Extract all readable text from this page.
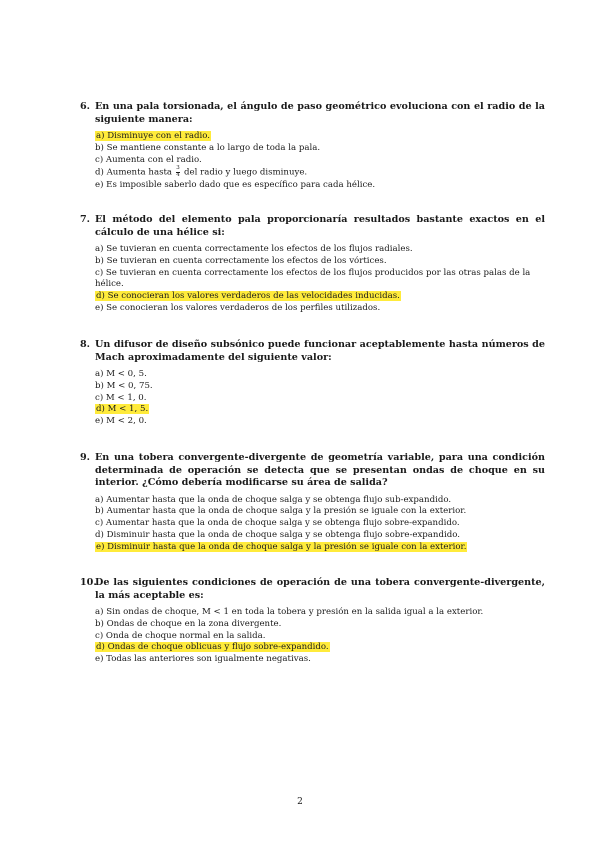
6. En una pala torsionada, el ángulo de paso geométrico evoluciona con el radio de la siguiente manera:
a) Disminuye con el radio.
b) Se mantiene constante a lo largo de toda la pala.
c) Aumenta con el radio.
d) Aumenta hasta $\frac{3}{4}$ del radio y luego disminuye.
e) Es imposible saberlo dado que es específico para cada hélice.
7. El método del elemento pala proporcionaría resultados bastante exactos en el cálculo de una hélice si:
a) Se tuvieran en cuenta correctamente los efectos de los flujos radiales.
b) Se tuvieran en cuenta correctamente los efectos de los vórtices.
c) Se tuvieran en cuenta correctamente los efectos de los flujos producidos por las otras palas de la hélice.
d) Se conocieran los valores verdaderos de las velocidades inducidas.
e) Se conocieran los valores verdaderos de los perfiles utilizados.
8. Un difusor de diseño subsónico puede funcionar aceptablemente hasta números de Mach aproximadamente del siguiente valor:
a) M < 0, 5.
b) M < 0, 75.
c) M < 1, 0.
d) M < 1, 5.
e) M < 2, 0.
9. En una tobera convergente-divergente de geometría variable, para una condición determinada de operación se detecta que se presentan ondas de choque en su interior. ¿Cómo debería modificarse su área de salida?
a) Aumentar hasta que la onda de choque salga y se obtenga flujo sub-expandido.
b) Aumentar hasta que la onda de choque salga y la presión se iguale con la exterior.
c) Aumentar hasta que la onda de choque salga y se obtenga flujo sobre-expandido.
d) Disminuir hasta que la onda de choque salga y se obtenga flujo sobre-expandido.
e) Disminuir hasta que la onda de choque salga y la presión se iguale con la exterior.
10.
De las siguientes condiciones de operación de una tobera convergente-divergente, la más aceptable es:
a) Sin ondas de choque, M < 1 en toda la tobera y presión en la salida igual a la exterior.
b) Ondas de choque en la zona divergente.
c) Onda de choque normal en la salida.
d) Ondas de choque oblicuas y flujo sobre-expandido.
e) Todas las anteriores son igualmente negativas.
2
